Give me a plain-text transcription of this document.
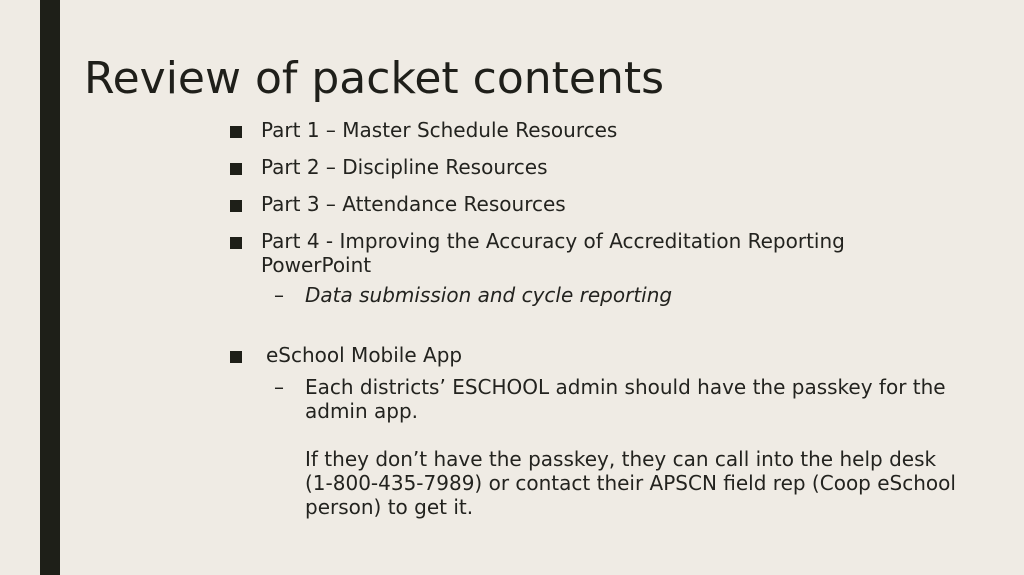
Review of packet contents
Part 1 – Master Schedule Resources
Part 2 – Discipline Resources
Part 3 – Attendance Resources
Part 4 - Improving the Accuracy of Accreditation Reporting PowerPoint
– Data submission and cycle reporting
eSchool Mobile App
– Each districts’ ESCHOOL admin should have the passkey for the admin app.
If they don’t have the passkey, they can call into the help desk (1-800-435-7989) or contact their APSCN field rep (Coop eSchool person) to get it.
